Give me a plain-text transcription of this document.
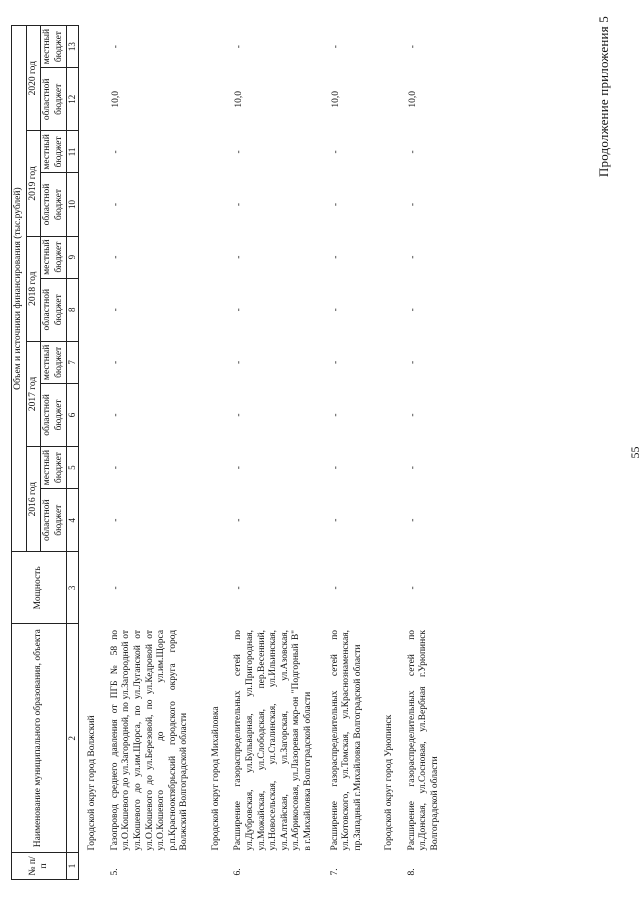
55
Продолжение приложения 5
№ п/п	Наименование муниципального образования, объекта	Мощность	Объем и источники финансирования (тыс.рублей)									
			2016 год		2017 год		2018 год		2019 год		2020 год	
			областной бюджет	местный бюджет	областной бюджет	местный бюджет	областной бюджет	местный бюджет	областной бюджет	местный бюджет	областной бюджет	местный бюджет
1	2	3	4	5	6	7	8	9	10	11	12	13
	Городской округ город Волжский											
5.	Газопровод среднего давления от ПГБ № 58 по ул.О.Кошевого до ул.Загородной, по ул.Загородной от ул.Кошевого до ул.им.Щорса, по ул.Луганской от ул.О.Кошевого до ул.Березовой, по ул.Кедровой от ул.О.Кошевого до ул.им.Щорса р.п.Краснооктябрьский городского округа город Волжский Волгоградской области	-	-	-	-	-	-	-	-	-	10,0	-
	Городской округ город Михайловка											
6.	Расширение газораспределительных сетей по ул.Дубровская, ул.Бульварная, ул.Пригородная, ул.Можайская, ул.Слободская, пер.Весенний, ул.Новосельская, ул.Сталинская, ул.Ильинская, ул.Алтайская, ул.Загорская, ул.Азовская, ул.Абрикосовая, ул.Лазоревая мкр-он "Подгорный В" в г.Михайловка Волгоградской области	-	-	-	-	-	-	-	-	-	10,0	-
7.	Расширение газораспределительных сетей по ул.Котовского, ул.Томская, ул.Краснознаменская, пр.Западный г.Михайловка Волгоградской области	-	-	-	-	-	-	-	-	-	10,0	-
	Городской округ город Урюпинск											
8.	Расширение газораспределительных сетей по ул.Донская, ул.Сосновая, ул.Вербная г.Урюпинск Волгоградской области	-	-	-	-	-	-	-	-	-	10,0	-
